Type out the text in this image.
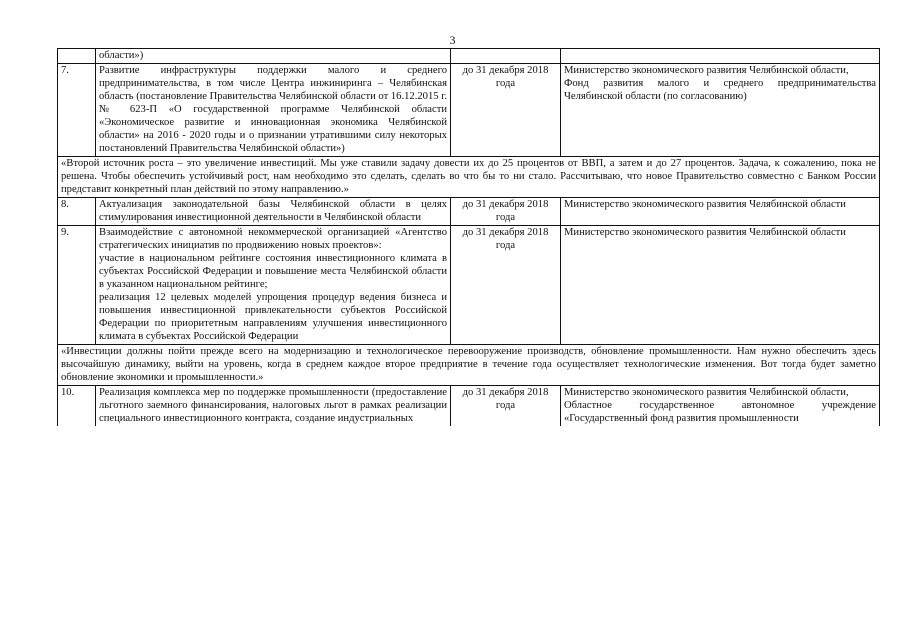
3
	области»)		
7.	Развитие инфраструктуры поддержки малого и среднего предпринимательства, в том числе Центра инжиниринга – Челябинская область (постановление Правительства Челябинской области от 16.12.2015 г. № 623-П «О государственной программе Челябинской области «Экономическое развитие и инновационная экономика Челябинской области» на 2016 - 2020 годы и о признании утратившими силу некоторых постановлений Правительства Челябинской области»)	до 31 декабря 2018 года	Министерство экономического развития Челябинской области,
Фонд развития малого и среднего предпринимательства Челябинской области (по согласованию)

«Второй источник роста – это увеличение инвестиций. Мы уже ставили задачу довести их до 25 процентов от ВВП, а затем и до 27 процентов. Задача, к сожалению, пока не решена. Чтобы обеспечить устойчивый рост, нам необходимо это сделать, сделать во что бы то ни стало. Рассчитываю, что новое Правительство совместно с Банком России представит конкретный план действий по этому направлению.»			
8.	Актуализация законодательной базы Челябинской области в целях стимулирования инвестиционной деятельности в Челябинской области	до 31 декабря 2018 года	Министерство экономического развития Челябинской области
9.	Взаимодействие с автономной некоммерческой организацией «Агентство стратегических инициатив по продвижению новых проектов»:
участие в национальном рейтинге состояния инвестиционного климата в субъектах Российской Федерации и повышение места Челябинской области в указанном национальном рейтинге;
реализация 12 целевых моделей упрощения процедур ведения бизнеса и повышения инвестиционной привлекательности субъектов Российской Федерации по приоритетным направлениям улучшения инвестиционного климата в субъектах Российской Федерации	до 31 декабря 2018 года	Министерство экономического развития Челябинской области
«Инвестиции должны пойти прежде всего на модернизацию и технологическое перевооружение производств, обновление промышленности. Нам нужно обеспечить здесь высочайшую динамику, выйти на уровень, когда в среднем каждое второе предприятие в течение года осуществляет технологические изменения. Вот тогда будет заметно обновление экономики и промышленности.»			
10.	Реализация комплекса мер по поддержке промышленности (предоставление льготного заемного финансирования, налоговых льгот в рамках реализации специального инвестиционного контракта, создание индустриальных	до 31 декабря 2018 года	Министерство экономического развития Челябинской области,
Областное государственное автономное учреждение «Государственный фонд развития промышленности
